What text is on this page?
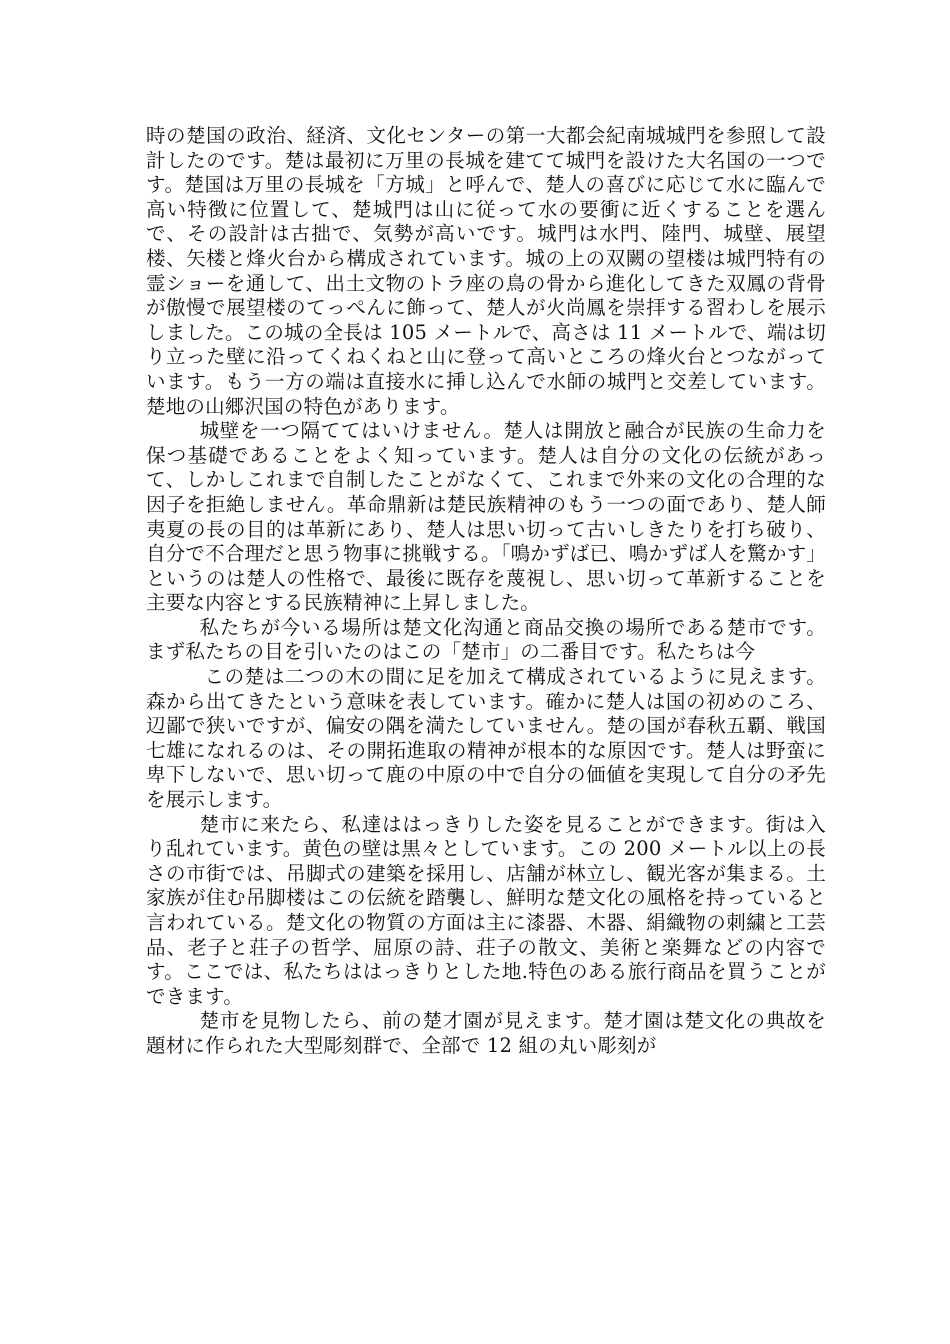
時の楚国の政治、経済、文化センターの第一大都会紀南城城門を参照して設計したのです。楚は最初に万里の長城を建てて城門を設けた大名国の一つです。楚国は万里の長城を「方城」と呼んで、楚人の喜びに応じて水に臨んで高い特徴に位置して、楚城門は山に従って水の要衝に近くすることを選んで、その設計は古拙で、気勢が高いです。城門は水門、陸門、城壁、展望楼、矢楼と烽火台から構成されています。城の上の双闕の望楼は城門特有の霊ショーを通して、出土文物のトラ座の鳥の骨から進化してきた双鳳の背骨が傲慢で展望楼のてっぺんに飾って、楚人が火尚鳳を崇拝する習わしを展示しました。この城の全長は 105 メートルで、高さは 11 メートルで、端は切り立った壁に沿ってくねくねと山に登って高いところの烽火台とつながっています。もう一方の端は直接水に挿し込んで水師の城門と交差しています。楚地の山郷沢国の特色があります。

城壁を一つ隔ててはいけません。楚人は開放と融合が民族の生命力を保つ基礎であることをよく知っています。楚人は自分の文化の伝統があって、しかしこれまで自制したことがなくて、これまで外来の文化の合理的な因子を拒絶しません。革命鼎新は楚民族精神のもう一つの面であり、楚人師夷夏の長の目的は革新にあり、楚人は思い切って古いしきたりを打ち破り、自分で不合理だと思う物事に挑戦する。「鳴かずば已、鳴かずば人を驚かす」というのは楚人の性格で、最後に既存を蔑視し、思い切って革新することを主要な内容とする民族精神に上昇しました。

私たちが今いる場所は楚文化沟通と商品交換の場所である楚市です。まず私たちの目を引いたのはこの「楚市」の二番目です。私たちは今

この楚は二つの木の間に足を加えて構成されているように見えます。森から出てきたという意味を表しています。確かに楚人は国の初めのころ、辺鄙で狭いですが、偏安の隅を満たしていません。楚の国が春秋五覇、戦国七雄になれるのは、その開拓進取の精神が根本的な原因です。楚人は野蛮に卑下しないで、思い切って鹿の中原の中で自分の価値を実現して自分の矛先を展示します。

楚市に来たら、私達ははっきりした姿を見ることができます。街は入り乱れています。黄色の壁は黒々としています。この 200 メートル以上の長さの市街では、吊脚式の建築を採用し、店舗が林立し、観光客が集まる。土家族が住む吊脚楼はこの伝統を踏襲し、鮮明な楚文化の風格を持っていると言われている。楚文化の物質の方面は主に漆器、木器、絹織物の刺繍と工芸品、老子と荘子の哲学、屈原の詩、荘子の散文、美術と楽舞などの内容です。ここでは、私たちははっきりとした地.特色のある旅行商品を買うことができます。

楚市を見物したら、前の楚才園が見えます。楚才園は楚文化の典故を題材に作られた大型彫刻群で、全部で 12 組の丸い彫刻が
